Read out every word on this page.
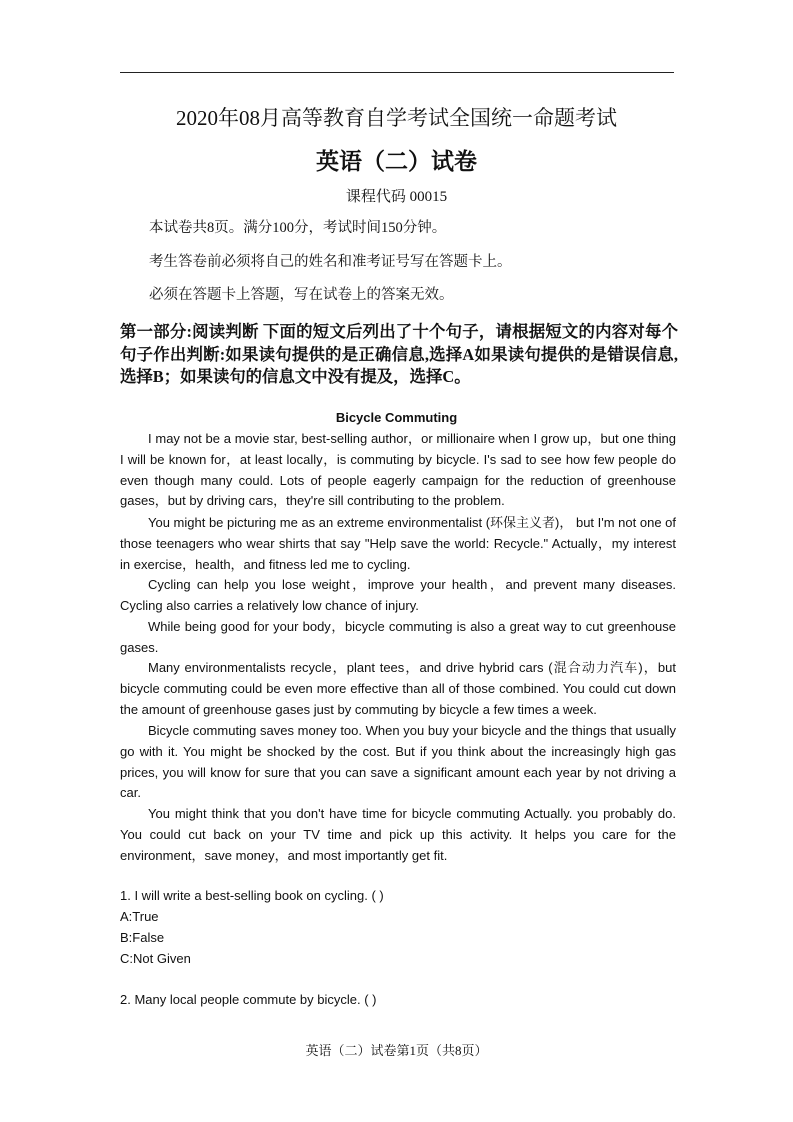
2020年08月高等教育自学考试全国统一命题考试
英语（二）试卷
课程代码 00015
本试卷共8页。满分100分，考试时间150分钟。
考生答卷前必须将自己的姓名和准考证号写在答题卡上。
必须在答题卡上答题，写在试卷上的答案无效。
第一部分:阅读判断 下面的短文后列出了十个句子，请根据短文的内容对每个句子作出判断:如果读句提供的是正确信息,选择A如果读句提供的是错误信息,选择B；如果读句的信息文中没有提及，选择C。
Bicycle Commuting
I may not be a movie star, best-selling author，or millionaire when I grow up，but one thing I will be known for，at least locally，is commuting by bicycle. I's sad to see how few people do even though many could. Lots of people eagerly campaign for the reduction of greenhouse gases，but by driving cars，they're sill contributing to the problem.
You might be picturing me as an extreme environmentalist (环保主义者)， but I'm not one of those teenagers who wear shirts that say "Help save the world: Recycle." Actually，my interest in exercise，health，and fitness led me to cycling.
Cycling can help you lose weight，improve your health，and prevent many diseases. Cycling also carries a relatively low chance of injury.
While being good for your body，bicycle commuting is also a great way to cut greenhouse gases.
Many environmentalists recycle，plant tees，and drive hybrid cars (混合动力汽车)，but bicycle commuting could be even more effective than all of those combined. You could cut down the amount of greenhouse gases just by commuting by bicycle a few times a week.
Bicycle commuting saves money too. When you buy your bicycle and the things that usually go with it. You might be shocked by the cost. But if you think about the increasingly high gas prices, you will know for sure that you can save a significant amount each year by not driving a car.
You might think that you don't have time for bicycle commuting Actually. you probably do. You could cut back on your TV time and pick up this activity. It helps you care for the environment，save money，and most importantly get fit.
1. I will write a best-selling book on cycling. ( )
A:True
B:False
C:Not Given
2. Many local people commute by bicycle. ( )
英语（二）试卷第1页（共8页）
